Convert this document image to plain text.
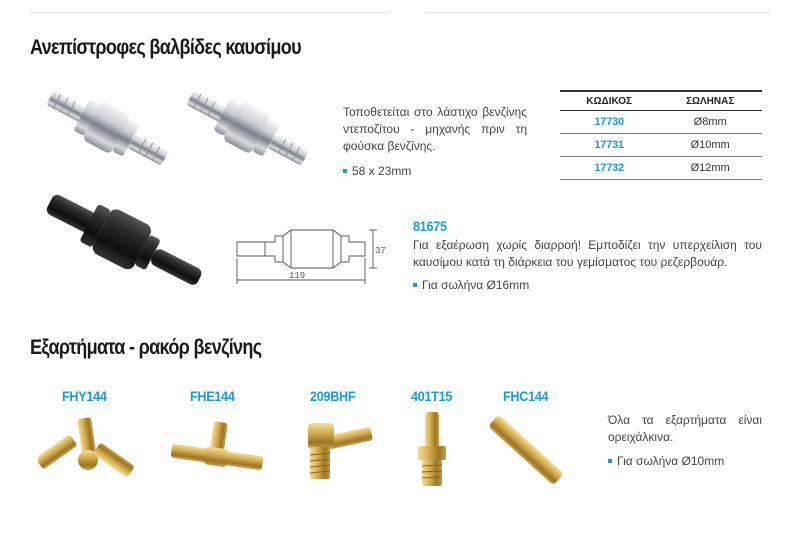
Ανεπίστροφες βαλβίδες καυσίμου
Τοποθετείται στο λάστιχο βενζίνης ντεποζίτου - μηχανής πριν τη φούσκα βενζίνης.
58 x 23mm
ΚΩΔΙΚΟΣ	ΣΩΛΗΝΑΣ
17730	Ø8mm
17731	Ø10mm
17732	Ø12mm
37
119
81675
Για εξαέρωση χωρίς διαρροή! Εμποδίζει την υπερχείλιση του καυσίμου κατά τη διάρκεια του γεμίσματος του ρεζερβουάρ.
Για σωλήνα Ø16mm
Εξαρτήματα - ρακόρ βενζίνης
FHY144	FHE144	209BHF	401T15	FHC144
Όλα τα εξαρτήματα είναι ορειχάλκινα.
Για σωλήνα Ø10mm
